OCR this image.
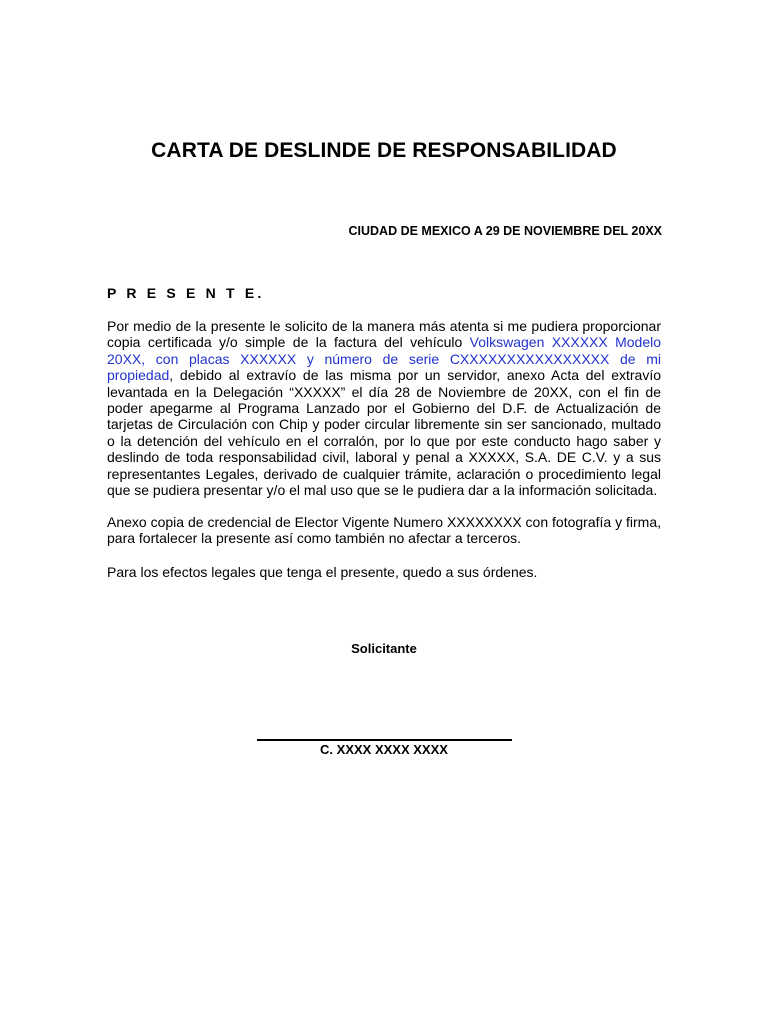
CARTA DE DESLINDE DE RESPONSABILIDAD
CIUDAD DE MEXICO A 29 DE NOVIEMBRE DEL 20XX
P R E S E N T E.

Por medio de la presente le solicito de la manera más atenta si me pudiera proporcionar copia certificada y/o simple de la factura del vehículo Volkswagen XXXXXX Modelo 20XX, con placas XXXXXX y número de serie CXXXXXXXXXXXXXXXX de mi propiedad, debido al extravío de las misma por un servidor, anexo Acta del extravío levantada en la Delegación “XXXXX” el día 28 de Noviembre de 20XX, con el fin de poder apegarme al Programa Lanzado por el Gobierno del D.F. de Actualización de tarjetas de Circulación con Chip y poder circular libremente sin ser sancionado, multado o la detención del vehículo en el corralón, por lo que por este conducto hago saber y deslindo de toda responsabilidad civil, laboral y penal a XXXXX, S.A. DE C.V. y a sus representantes Legales, derivado de cualquier trámite, aclaración o procedimiento legal que se pudiera presentar y/o el mal uso que se le pudiera dar a la información solicitada.

Anexo copia de credencial de Elector Vigente Numero XXXXXXXX con fotografía y firma, para fortalecer la presente así como también no afectar a terceros.

Para los efectos legales que tenga el presente, quedo a sus órdenes.

Solicitante
C. XXXX XXXX XXXX
